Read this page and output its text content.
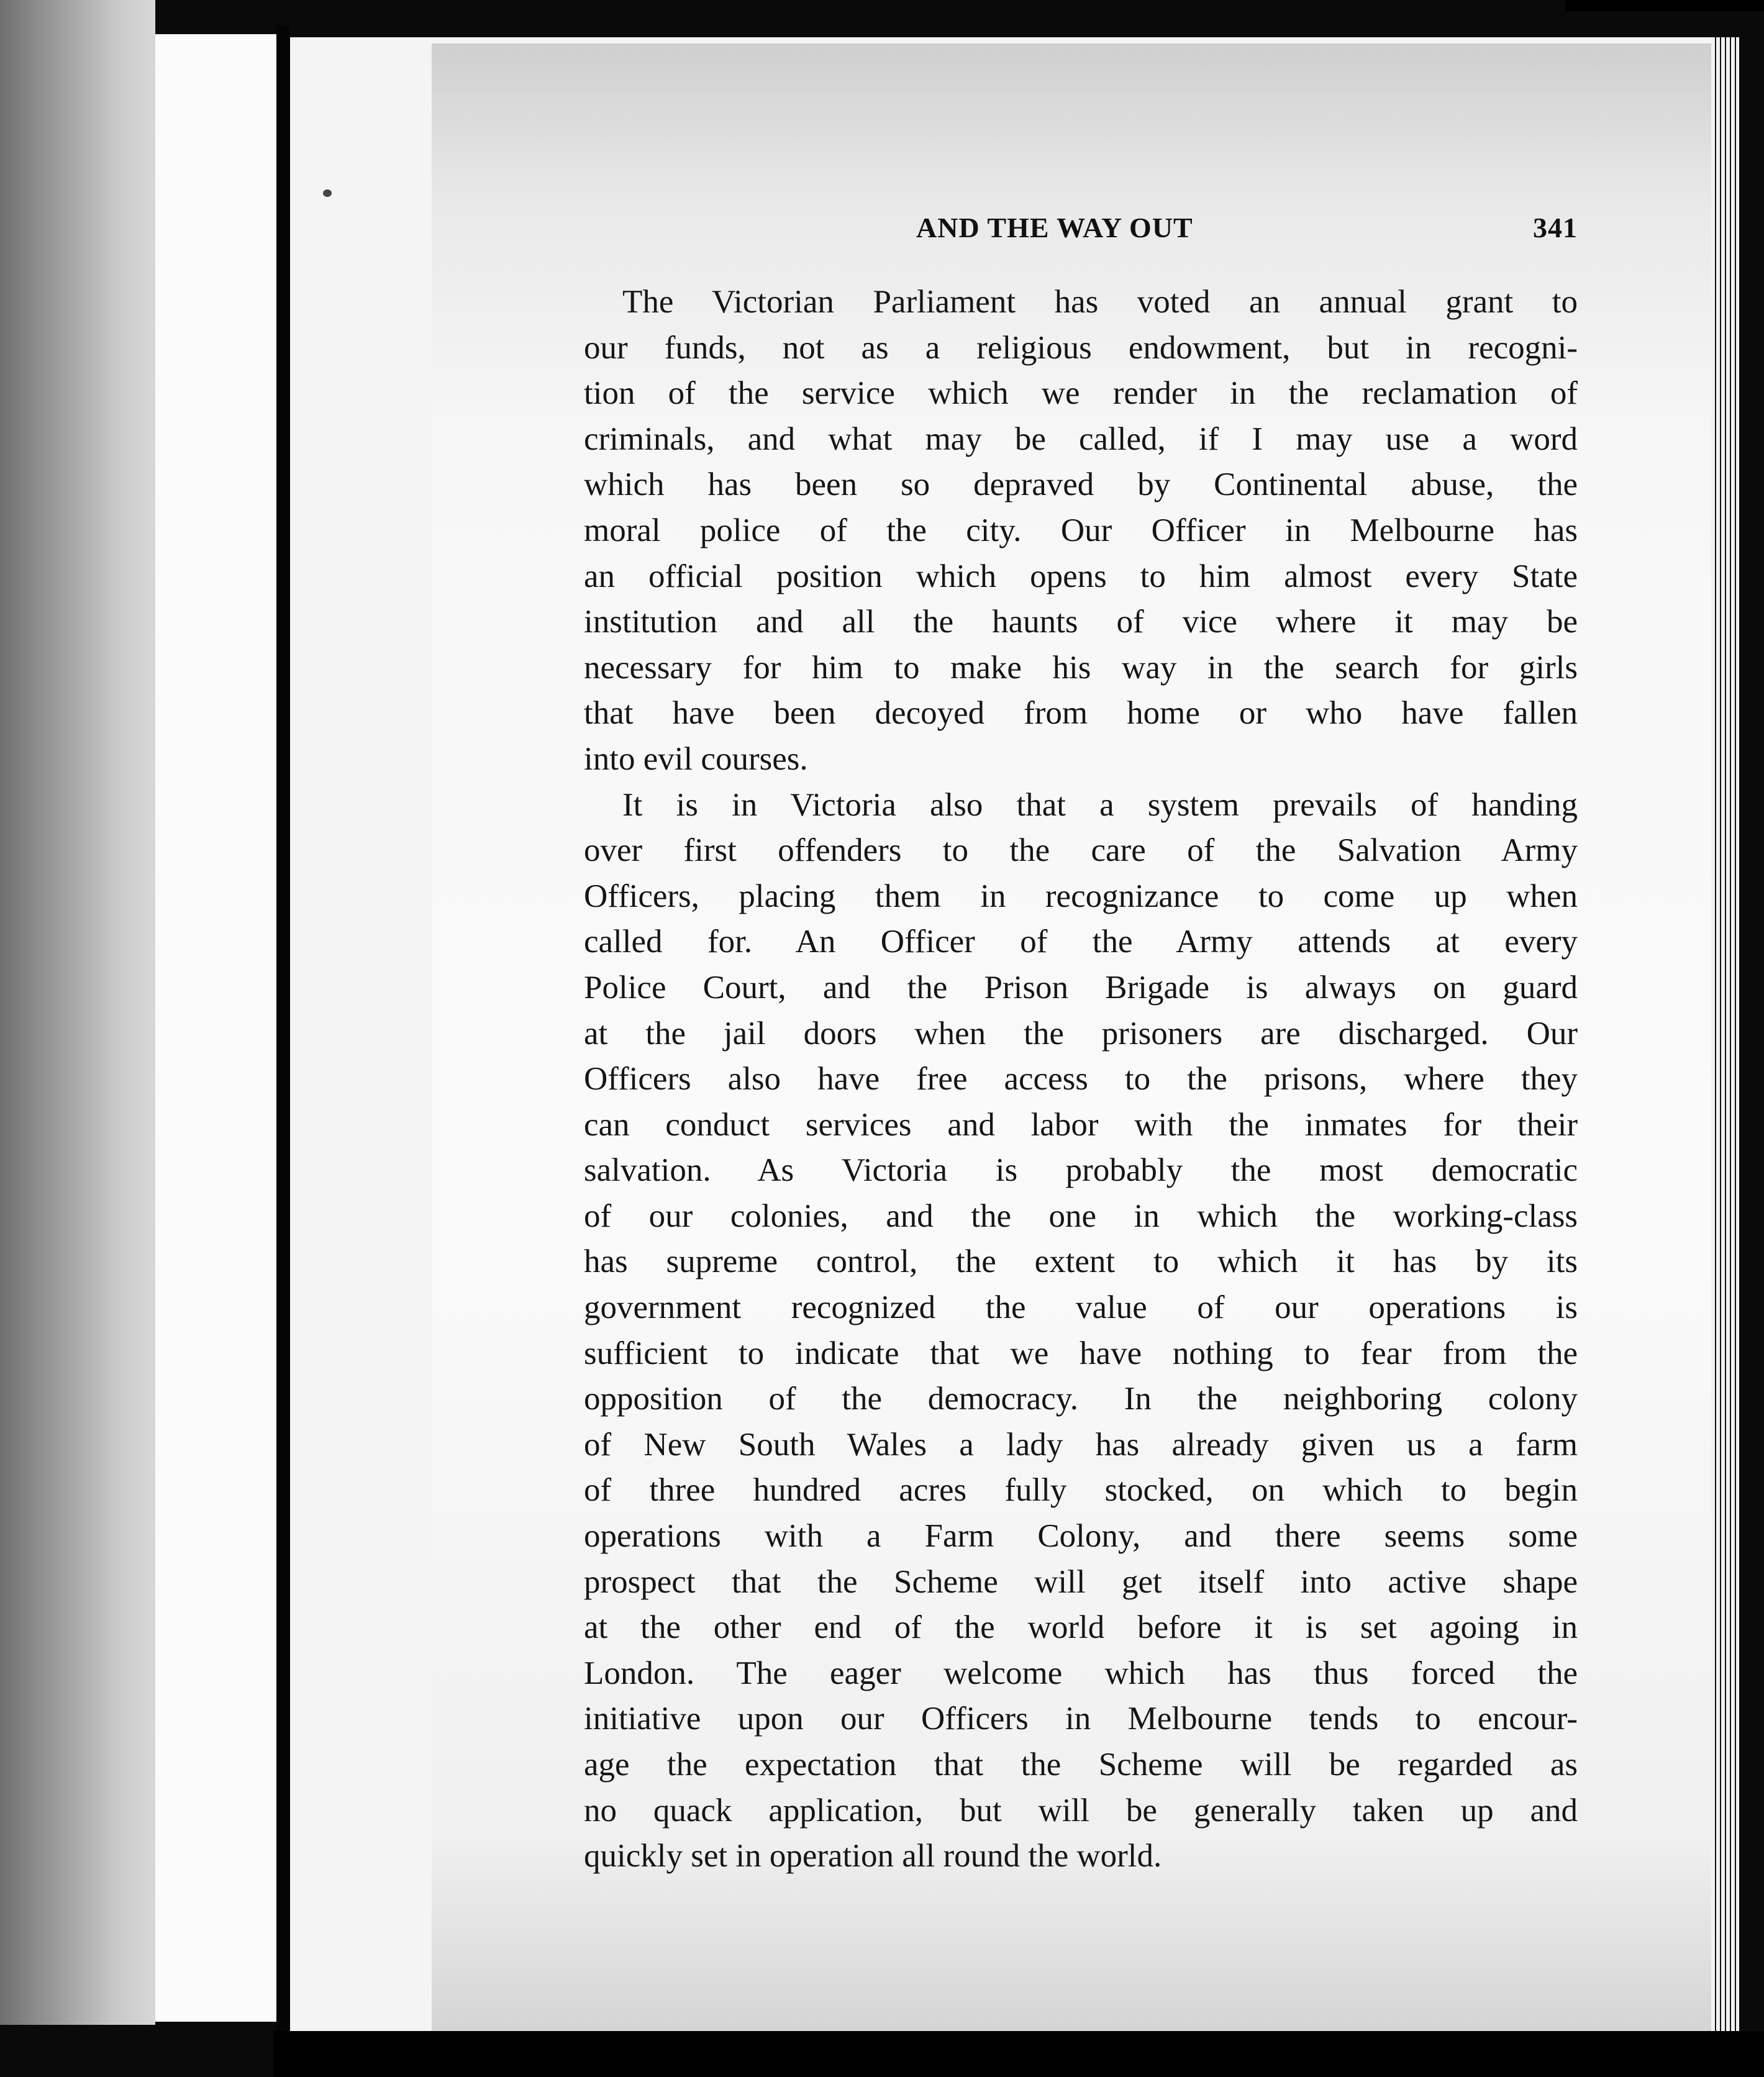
AND THE WAY OUT	341
The Victorian Parliament has voted an annual grant to
our funds, not as a religious endowment, but in recogni-
tion of the service which we render in the reclamation of
criminals, and what may be called, if I may use a word
which has been so depraved by Continental abuse, the
moral police of the city. Our Officer in Melbourne has
an official position which opens to him almost every State
institution and all the haunts of vice where it may be
necessary for him to make his way in the search for girls
that have been decoyed from home or who have fallen
into evil courses.
It is in Victoria also that a system prevails of handing
over first offenders to the care of the Salvation Army
Officers, placing them in recognizance to come up when
called for. An Officer of the Army attends at every
Police Court, and the Prison Brigade is always on guard
at the jail doors when the prisoners are discharged. Our
Officers also have free access to the prisons, where they
can conduct services and labor with the inmates for their
salvation. As Victoria is probably the most democratic
of our colonies, and the one in which the working-class
has supreme control, the extent to which it has by its
government recognized the value of our operations is
sufficient to indicate that we have nothing to fear from the
opposition of the democracy. In the neighboring colony
of New South Wales a lady has already given us a farm
of three hundred acres fully stocked, on which to begin
operations with a Farm Colony, and there seems some
prospect that the Scheme will get itself into active shape
at the other end of the world before it is set agoing in
London. The eager welcome which has thus forced the
initiative upon our Officers in Melbourne tends to encour-
age the expectation that the Scheme will be regarded as
no quack application, but will be generally taken up and
quickly set in operation all round the world.
